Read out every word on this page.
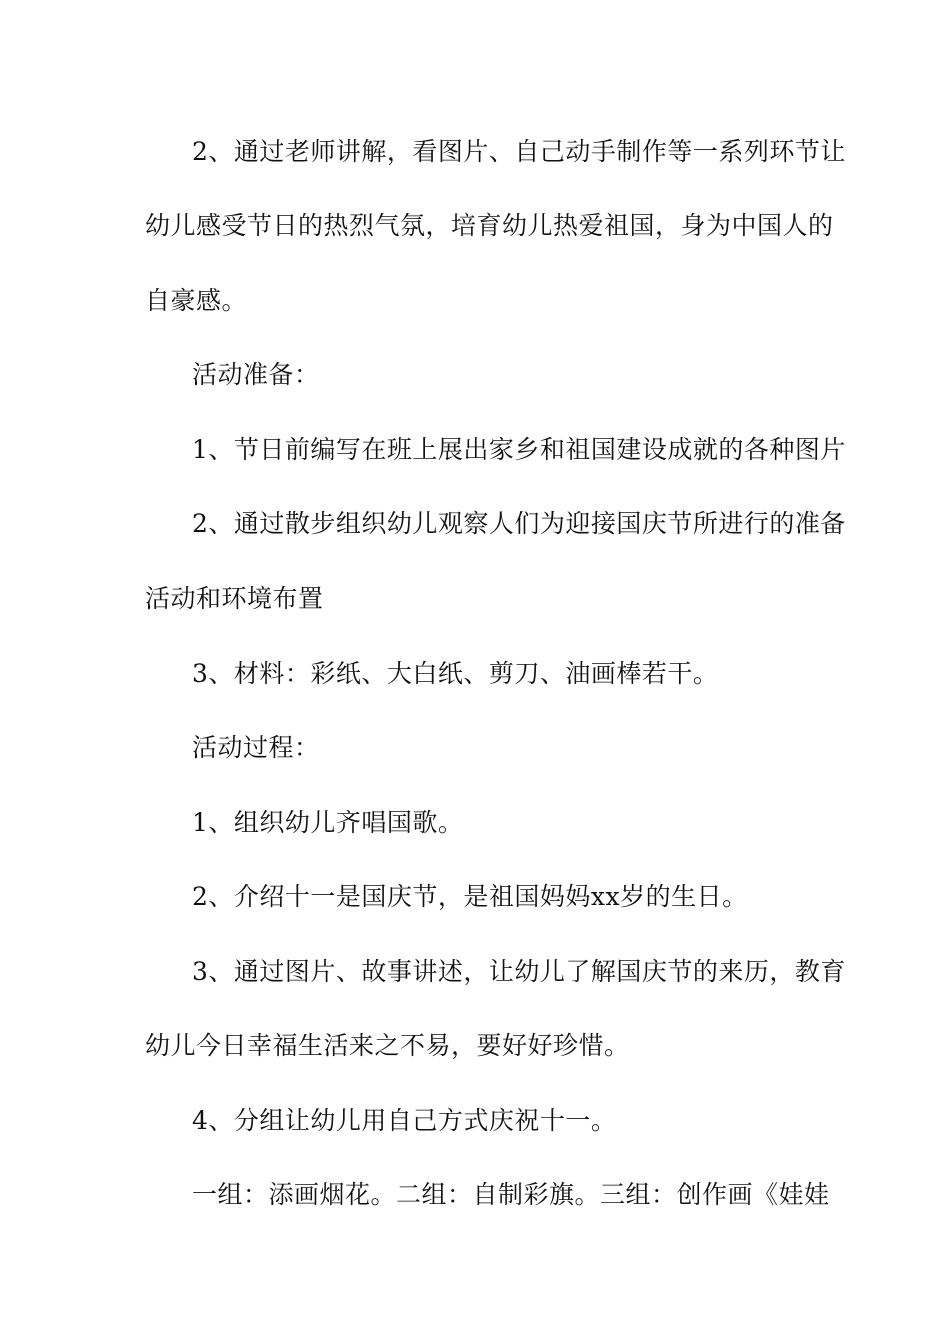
2、通过老师讲解，看图片、自己动手制作等一系列环节让
幼儿感受节日的热烈气氛，培育幼儿热爱祖国，身为中国人的
自豪感。
活动准备：
1、节日前编写在班上展出家乡和祖国建设成就的各种图片
2、通过散步组织幼儿观察人们为迎接国庆节所进行的准备
活动和环境布置
3、材料：彩纸、大白纸、剪刀、油画棒若干。
活动过程：
1、组织幼儿齐唱国歌。
2、介绍十一是国庆节，是祖国妈妈xx岁的生日。
3、通过图片、故事讲述，让幼儿了解国庆节的来历，教育
幼儿今日幸福生活来之不易，要好好珍惜。
4、分组让幼儿用自己方式庆祝十一。
一组：添画烟花。二组：自制彩旗。三组：创作画《娃娃
